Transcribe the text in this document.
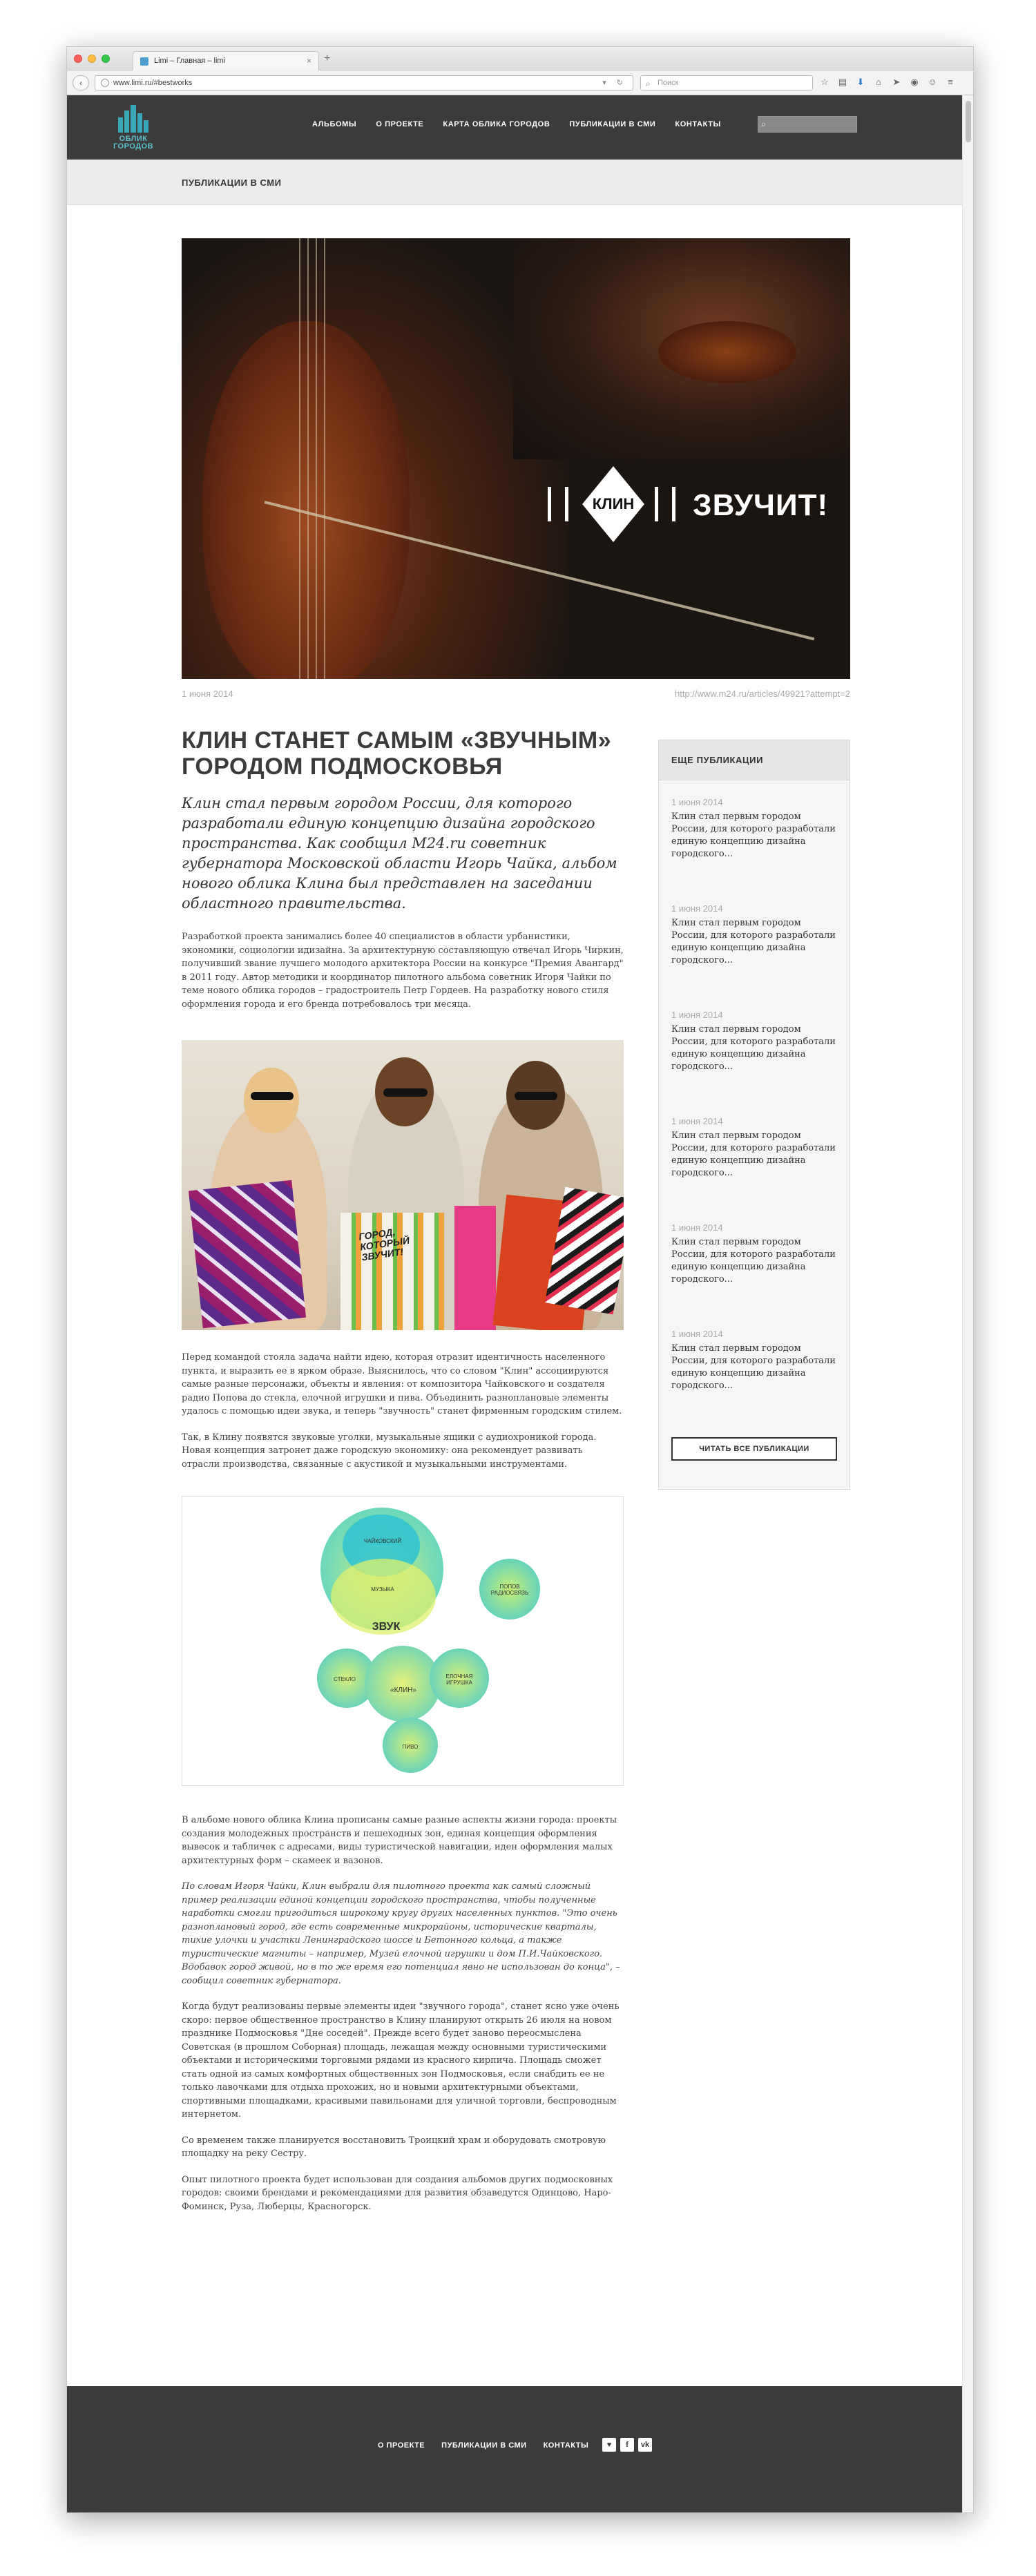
Limi – Главная – limi	× +
‹	www.limi.ru/#bestworks	▾ ↻ ⌕ Поиск	☆ ▤ ⬇ ⌂ ➤ ◉ ☺ ≡
ОБЛИК
ГОРОДОВ
АЛЬБОМЫ	О ПРОЕКТЕ	КАРТА ОБЛИКА ГОРОДОВ	ПУБЛИКАЦИИ В СМИ	КОНТАКТЫ	⌕
ПУБЛИКАЦИИ В СМИ
КЛИН	ЗВУЧИТ!
1 июня 2014	http://www.m24.ru/articles/49921?attempt=2
КЛИН СТАНЕТ САМЫМ «ЗВУЧНЫМ» ГОРОДОМ ПОДМОСКОВЬЯ

Клин стал первым городом России, для которого разработали единую концепцию дизайна городского пространства. Как сообщил M24.ru советник губернатора Московской области Игорь Чайка, альбом нового облика Клина был представлен на заседании областного правительства.

Разработкой проекта занимались более 40 специалистов в области урбанистики, экономики, социологии идизайна. За архитектурную составляющую отвечал Игорь Чиркин, получивший звание лучшего молодого архитектора России на конкурсе "Премия Авангард" в 2011 году. Автор методики и координатор пилотного альбома советник Игоря Чайки по теме нового облика городов – градостроитель Петр Гордеев. На разработку нового стиля оформления города и его бренда потребовалось три месяца.

ГОРОД, КОТОРЫЙ ЗВУЧИТ!

Перед командой стояла задача найти идею, которая отразит идентичность населенного пункта, и выразить ее в ярком образе. Выяснилось, что со словом "Клин" ассоциируются самые разные персонажи, объекты и явления: от композитора Чайковского и создателя радио Попова до стекла, елочной игрушки и пива. Объединить разноплановые элементы удалось с помощью идеи звука, и теперь "звучность" станет фирменным городским стилем.

Так, в Клину появятся звуковые уголки, музыкальные ящики с аудиохроникой города. Новая концепция затронет даже городскую экономику: она рекомендует развивать отрасли производства, связанные с акустикой и музыкальными инструментами.

ЧАЙКОВСКИЙ
МУЗЫКА	ПОПОВ РАДИОСВЯЗЬ
ЗВУК
СТЕКЛО
«КЛИН»
ЕЛОЧНАЯ ИГРУШКА
ПИВО

В альбоме нового облика Клина прописаны самые разные аспекты жизни города: проекты создания молодежных пространств и пешеходных зон, единая концепция оформления вывесок и табличек с адресами, виды туристической навигации, иден оформления малых архитектурных форм – скамеек и вазонов.

По словам Игоря Чайки, Клин выбрали для пилотного проекта как самый сложный пример реализации единой концепции городского пространства, чтобы полученные наработки смогли пригодиться широкому кругу других населенных пунктов. "Это очень разноплановый город, где есть современные микрорайоны, исторические кварталы, тихие улочки и участки Ленинградского шоссе и Бетонного кольца, а также туристические магниты – например, Музей елочной игрушки и дом П.И.Чайковского. Вдобавок город живой, но в то же время его потенциал явно не использован до конца", – сообщил советник губернатора.

Когда будут реализованы первые элементы идеи "звучного города", станет ясно уже очень скоро: первое общественное пространство в Клину планируют открыть 26 июля на новом празднике Подмосковья "Дне соседей". Прежде всего будет заново переосмыслена Советская (в прошлом Соборная) площадь, лежащая между основными туристическими объектами и историческими торговыми рядами из красного кирпича. Площадь сможет стать одной из самых комфортных общественных зон Подмосковья, если снабдить ее не только лавочками для отдыха прохожих, но и новыми архитектурными объектами, спортивными площадками, красивыми павильонами для уличной торговли, беспроводным интернетом.

Со временем также планируется восстановить Троицкий храм и оборудовать смотровую площадку на реку Сестру.

Опыт пилотного проекта будет использован для создания альбомов других подмосковных городов: своими брендами и рекомендациями для развития обзаведутся Одинцово, Наро-Фоминск, Руза, Люберцы, Красногорск.

ЕЩЕ ПУБЛИКАЦИИ
1 июня 2014
Клин стал первым городом России, для которого разработали единую концепцию дизайна городского...
1 июня 2014
Клин стал первым городом России, для которого разработали единую концепцию дизайна городского...
1 июня 2014
Клин стал первым городом России, для которого разработали единую концепцию дизайна городского...
1 июня 2014
Клин стал первым городом России, для которого разработали единую концепцию дизайна городского...
1 июня 2014
Клин стал первым городом России, для которого разработали единую концепцию дизайна городского...
1 июня 2014
Клин стал первым городом России, для которого разработали единую концепцию дизайна городского...
ЧИТАТЬ ВСЕ ПУБЛИКАЦИИ
О ПРОЕКТЕ ПУБЛИКАЦИИ В СМИ КОНТАКТЫ	♥	f	vk
